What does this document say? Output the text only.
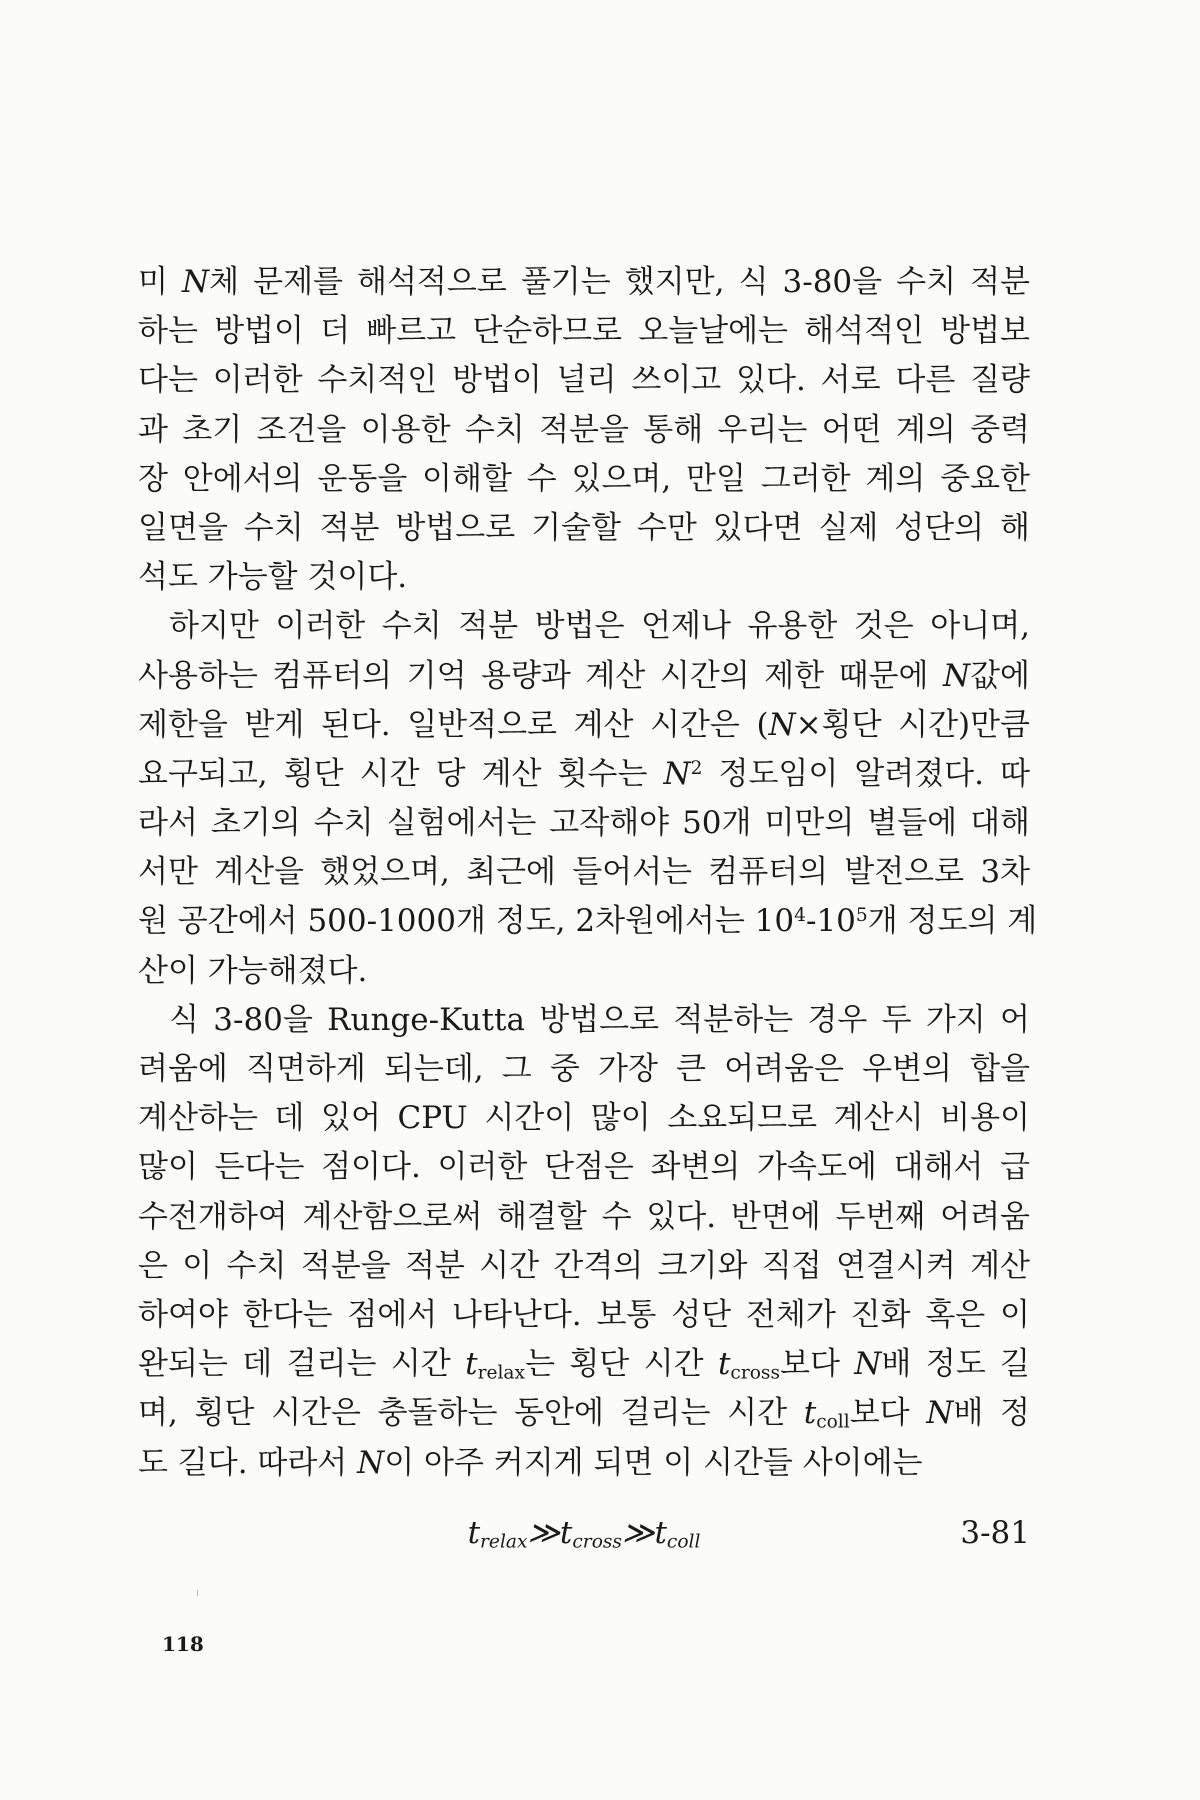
미 N체 문제를 해석적으로 풀기는 했지만, 식 3-80을 수치 적분
하는 방법이 더 빠르고 단순하므로 오늘날에는 해석적인 방법보
다는 이러한 수치적인 방법이 널리 쓰이고 있다. 서로 다른 질량
과 초기 조건을 이용한 수치 적분을 통해 우리는 어떤 계의 중력
장 안에서의 운동을 이해할 수 있으며, 만일 그러한 계의 중요한
일면을 수치 적분 방법으로 기술할 수만 있다면 실제 성단의 해
석도 가능할 것이다.
하지만 이러한 수치 적분 방법은 언제나 유용한 것은 아니며,
사용하는 컴퓨터의 기억 용량과 계산 시간의 제한 때문에 N값에
제한을 받게 된다. 일반적으로 계산 시간은 (N×횡단 시간)만큼
요구되고, 횡단 시간 당 계산 횟수는 $N^2$ 정도임이 알려졌다. 따
라서 초기의 수치 실험에서는 고작해야 50개 미만의 별들에 대해
서만 계산을 했었으며, 최근에 들어서는 컴퓨터의 발전으로 3차
원 공간에서 500-1000개 정도, 2차원에서는 $10^4-10^5$개 정도의 계
산이 가능해졌다.
식 3-80을 Runge-Kutta 방법으로 적분하는 경우 두 가지 어
려움에 직면하게 되는데, 그 중 가장 큰 어려움은 우변의 합을
계산하는 데 있어 CPU 시간이 많이 소요되므로 계산시 비용이
많이 든다는 점이다. 이러한 단점은 좌변의 가속도에 대해서 급
수전개하여 계산함으로써 해결할 수 있다. 반면에 두번째 어려움
은 이 수치 적분을 적분 시간 간격의 크기와 직접 연결시켜 계산
하여야 한다는 점에서 나타난다. 보통 성단 전체가 진화 혹은 이
완되는 데 걸리는 시간 $t_{relax}$는 횡단 시간 $t_{cross}$보다 N배 정도 길
며, 횡단 시간은 충돌하는 동안에 걸리는 시간 $t_{coll}$보다 N배 정
도 길다. 따라서 N이 아주 커지게 되면 이 시간들 사이에는
$t_{relax}≫t_{cross}≫t_{coll}$	3-81
118
